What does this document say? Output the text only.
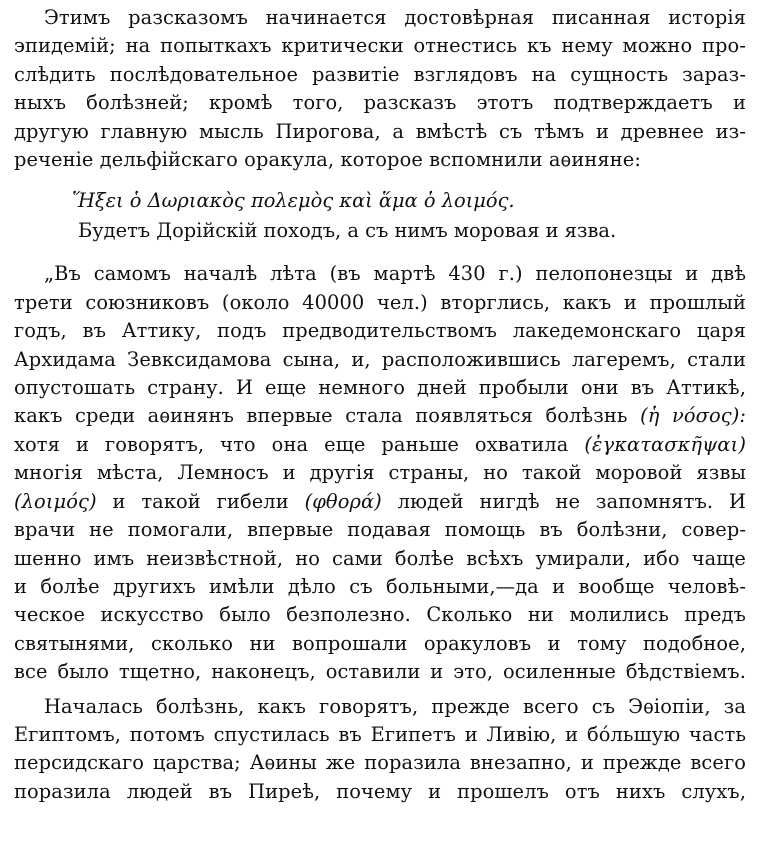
Этимъ разсказомъ начинается достовѣрная писанная исторія
эпидемій; на попыткахъ критически отнестись къ нему можно про-
слѣдить послѣдовательное развитіе взглядовъ на сущность зараз-
ныхъ болѣзней; кромѣ того, разсказъ этотъ подтверждаетъ и
другую главную мысль Пирогова, а вмѣстѣ съ тѣмъ и древнее из-
реченіе дельфійскаго оракула, которое вспомнили аѳиняне:
Ἥξει ὁ Δωριακὸς πολεμὸς καὶ ἅμα ὁ λοιμός.
Будетъ Дорійскій походъ, а съ нимъ моровая и язва.
„Въ самомъ началѣ лѣта (въ мартѣ 430 г.) пелопонезцы и двѣ
трети союзниковъ (около 40000 чел.) вторглись, какъ и прошлый
годъ, въ Аттику, подъ предводительствомъ лакедемонскаго царя
Архидама Зевксидамова сына, и, расположившись лагеремъ, стали
опустошать страну. И еще немного дней пробыли они въ Аттикѣ,
какъ среди аѳинянъ впервые стала появляться болѣзнь (ἡ νόσος):
хотя и говорятъ, что она еще раньше охватила (ἐγκατασκῆψαι)
многія мѣста, Лемносъ и другія страны, но такой моровой язвы
(λοιμός) и такой гибели (φθορά) людей нигдѣ не запомнятъ. И
врачи не помогали, впервые подавая помощь въ болѣзни, совер-
шенно имъ неизвѣстной, но сами болѣе всѣхъ умирали, ибо чаще
и болѣе другихъ имѣли дѣло съ больными,—да и вообще человѣ-
ческое искусство было безполезно. Сколько ни молились предъ
святынями, сколько ни вопрошали оракуловъ и тому подобное,
все было тщетно, наконецъ, оставили и это, осиленные бѣдствіемъ.
Началась болѣзнь, какъ говорятъ, прежде всего съ Эѳіопіи, за
Египтомъ, потомъ спустилась въ Египетъ и Ливію, и бо́льшую часть
персидскаго царства; Аѳины же поразила внезапно, и прежде всего
поразила людей въ Пиреѣ, почему и прошелъ отъ нихъ слухъ,
